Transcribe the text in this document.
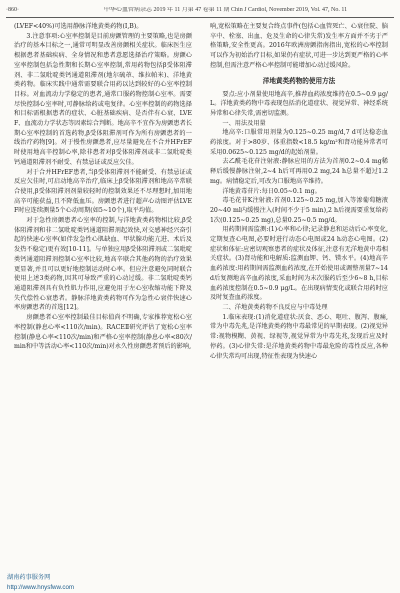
·860·	中华心血管病杂志 2019 年 11 月第 47 卷第 11 期 Chin J Cardiol, November 2019, Vol. 47, No. 11

(LVEF<40%)可选用静脉洋地黄类药物(Ⅰ,B)。

3.注意事项:心室率控制是目前房颤管理的主要策略,也是房颤治疗的基本目标之一,通常可明显改善房颤相关症状。临床医生应根据患者基础疾病、全身情况和患者意愿选择治疗策略。房颤心室率控制包括急性期和长期心室率控制,常用药物包括β受体阻滞剂、非二氢吡啶类钙通道阻滞剂(地尔硫䓬、维拉帕米)、洋地黄类药物。临床实践中通常需要联合用药以达到较好的心室率控制目标。对血流动力学稳定的患者,通常口服药物控制心室率。需要尽快控制心室率时,可静脉给药或电复律。心室率控制的药物选择和目标需根据患者的症状、心脏基础疾病、是否伴有心衰、LVEF、血流动力学状态等因素综合判断。地高辛不宜作为房颤患者长期心室率控制的首选药物,β受体阻滞剂可作为所有房颤患者的一线治疗药物[9]。对于慢性房颤患者,应尽量避免在不合并HFrEF时使用地高辛控制心率,除非患者对β受体阻滞剂或非二氢吡啶类钙通道阻滞剂不耐受、有禁忌证或反应欠佳。

对于合并HFrEF患者,当β受体阻滞剂不能耐受、有禁忌证或反应欠佳时,可启动地高辛治疗,临床上β受体阻滞剂和地高辛常联合使用,β受体阻滞剂剂量较轻时的控制效果还不尽理想时,加用地高辛可能获益,且不降低血压。房颤患者进行超声心动图评估LVEF时应连续测量5个心动周期(如5~10个),取平均值。

对于急性房颤患者心室率的控制,与洋地黄类药物相比较,β受体阻滞剂和非二氢吡啶类钙通道阻滞剂起效快,对交感神经兴奋引起的快速心室率(如伴发急性心肌缺血、甲状腺功能亢进、术后及发热不稳定)更有效[10-11]。与单独应用β受体阻滞剂或二氢吡啶类钙通道阻滞剂控制心室率比较,地高辛联合其他药物的治疗效果更显著,并且可以更好地控制运动时心率。但应注意避免同时联合使用上述3类药物,因其可导致严重的心动过缓。非二氢吡啶类钙通道阻滞剂具有负性肌力作用,应避免用于左心室收缩功能下降及失代偿性心衰患者。静脉洋地黄类药物可作为急性心衰伴快速心率房颤患者的首选[12]。

房颤患者心室率控制最佳目标值尚不明确,专家推荐宽松心室率控制(静息心率<110次/min)。RACEⅡ研究评估了宽松心室率控制(静息心率<110次/min)和严格心室率控制(静息心率<80次/min和中等活动心率<110次/min)对永久性房颤患者预后的影响,

响,宽松策略在主要复合终点事件(包括心血管死亡、心衰住院、脑卒中、栓塞、出血、危及生命的心律失常)发生率方面并不劣于严格策略,安全性更高。2016年欧洲房颤指南指出,宽松的心率控制可以作为初始治疗目标,如果仍有症状,可进一步达到更严格的心率控制,但需注意严格心率控制可能增加心动过缓风险。

洋地黄类药物的使用方法

要点:应小剂量使用地高辛,推荐血药浓度维持在0.5~0.9 μg/L。洋地黄类药物中毒表现包括消化道症状、视觉异常、神经系统异常和心律失常,需密切监测。

一、用法及用量

地高辛:口服常用剂量为0.125~0.25 mg/d,7 d可达稳态血药浓度。对于>80岁、体重指数<18.5 kg/m²和肾功能异常者可采用0.0625~0.125 mg/d的起始剂量。

去乙酰毛花苷注射液:静脉应用的方法为首剂0.2~0.4 mg稀释后缓慢静脉注射,2~4 h后可再用0.2 mg,24 h总量不超过1.2 mg。病情稳定后,可改为口服地高辛维持。

洋地黄毒苷片:每日0.05~0.1 mg。

毒毛花苷K注射液:首剂0.125~0.25 mg,加入等渗葡萄糖液20~40 ml内缓慢注入(时间不少于5 min),2 h后视需要重复给药1次(0.125~0.25 mg),总量0.25~0.5 mg/d。

用药期间需监测:(1)心率和心律;记录静息和运动后心率变化,定期复查心电图,必要时进行动态心电图或24 h动态心电图。(2)症状和体征:应密切观察患者的症状及体征,注意有无洋地黄中毒相关症状。(3)肾功能和电解质:监测血钾、钙、镁水平。(4)地高辛血药浓度:用药期间需监测血药浓度,在开始使用或调整剂量7~14 d后复测地高辛血药浓度,采血时间为末次服药后至少6~8 h,目标血药浓度控制在0.5~0.9 μg/L。在出现病情变化或联合用药时应及时复查血药浓度。

二、洋地黄类药物不良反应与中毒处理

1.临床表现:(1)消化道症状:厌食、恶心、呕吐、腹泻、腹痛,常为中毒先兆,是洋地黄类药物中毒最常见的早期表现。(2)视觉异常:视物模糊、黄视、绿视等,视觉异常为中毒先兆,发现后应及时停药。(3)心律失常:是洋地黄类药物中毒最危险的毒性反应,各种心律失常均可出现,特征性表现为快速心

湖南药事服务网
http://www.hnysfww.com
